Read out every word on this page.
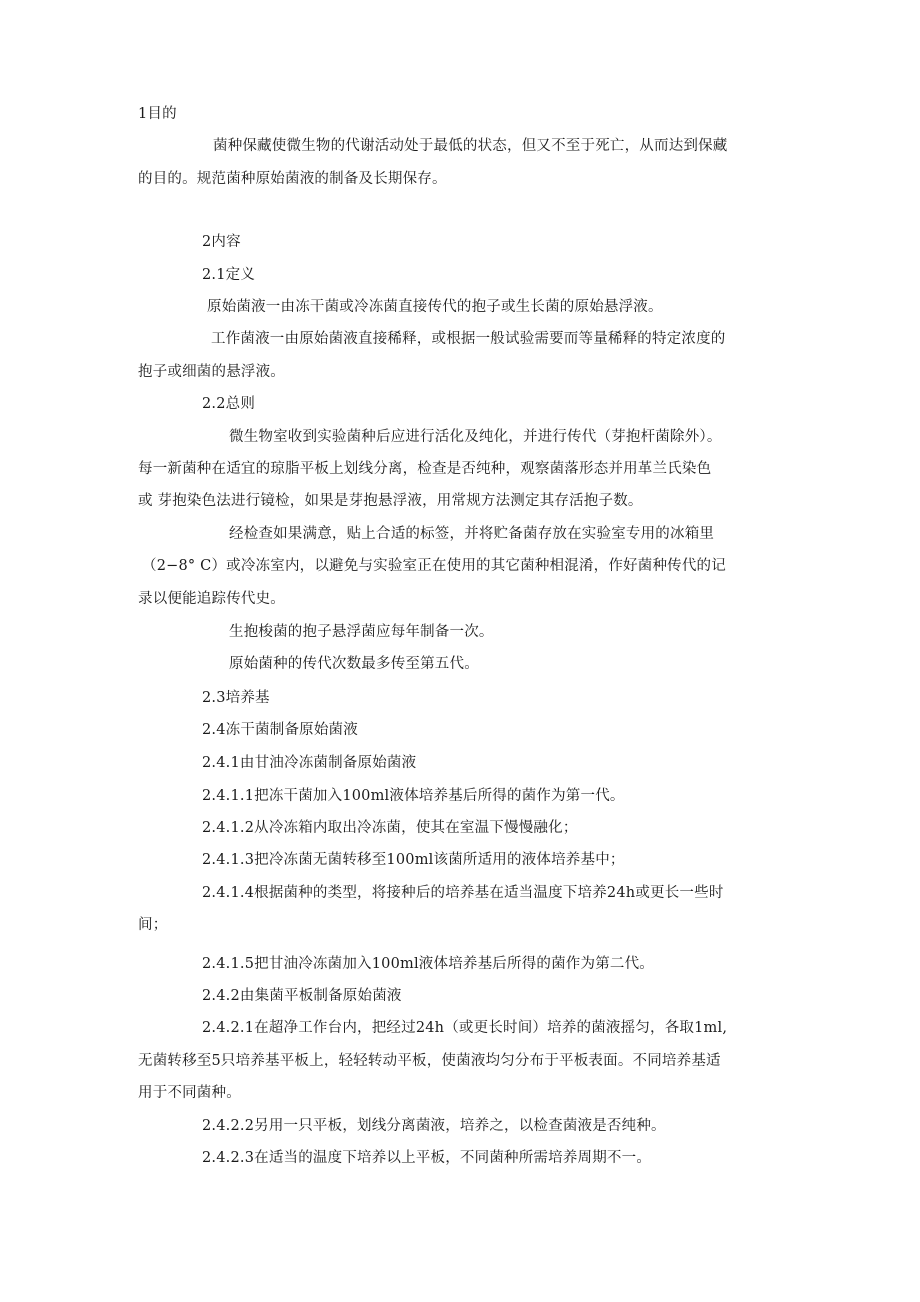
1目的
菌种保藏使微生物的代谢活动处于最低的状态，但又不至于死亡，从而达到保藏
的目的。规范菌种原始菌液的制备及长期保存。
2内容
2.1定义
原始菌液一由冻干菌或冷冻菌直接传代的抱子或生长菌的原始悬浮液。
工作菌液一由原始菌液直接稀释，或根据一般试验需要而等量稀释的特定浓度的
抱子或细菌的悬浮液。
2.2总则
微生物室收到实验菌种后应进行活化及纯化，并进行传代（芽抱杆菌除外）。
每一新菌种在适宜的琼脂平板上划线分离，检查是否纯种，观察菌落形态并用革兰氏染色
或 芽抱染色法进行镜检，如果是芽抱悬浮液，用常规方法测定其存活抱子数。
经检查如果满意，贴上合适的标签，并将贮备菌存放在实验室专用的冰箱里
（2−8° C）或冷冻室内，以避免与实验室正在使用的其它菌种相混淆，作好菌种传代的记
录以便能追踪传代史。
生抱梭菌的抱子悬浮菌应每年制备一次。
原始菌种的传代次数最多传至第五代。
2.3培养基
2.4冻干菌制备原始菌液
2.4.1由甘油冷冻菌制备原始菌液
2.4.1.1把冻干菌加入100ml液体培养基后所得的菌作为第一代。
2.4.1.2从冷冻箱内取出冷冻菌，使其在室温下慢慢融化；
2.4.1.3把冷冻菌无菌转移至100ml该菌所适用的液体培养基中；
2.4.1.4根据菌种的类型，将接种后的培养基在适当温度下培养24h或更长一些时
间；
2.4.1.5把甘油冷冻菌加入100ml液体培养基后所得的菌作为第二代。
2.4.2由集菌平板制备原始菌液
2.4.2.1在超净工作台内，把经过24h（或更长时间）培养的菌液摇匀，各取1ml,
无菌转移至5只培养基平板上，轻轻转动平板，使菌液均匀分布于平板表面。不同培养基适
用于不同菌种。
2.4.2.2另用一只平板，划线分离菌液，培养之，以检查菌液是否纯种。
2.4.2.3在适当的温度下培养以上平板，不同菌种所需培养周期不一。
